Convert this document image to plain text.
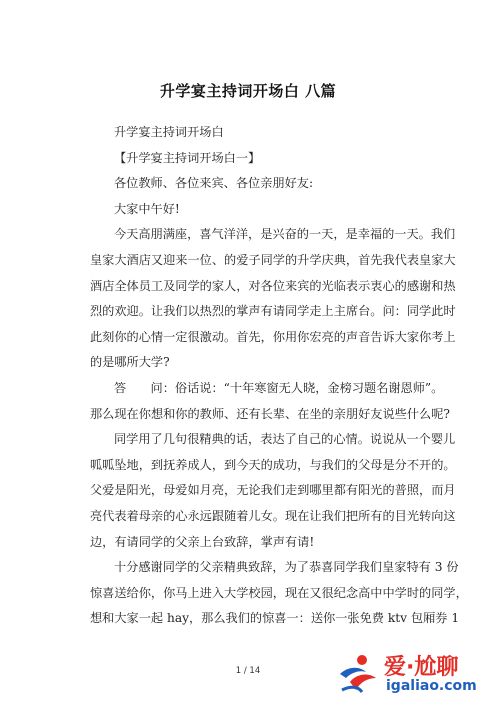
升学宴主持词开场白 八篇
升学宴主持词开场白
【升学宴主持词开场白一】
各位教师、各位来宾、各位亲朋好友:
大家中午好!
今天高朋满座，喜气洋洋，是兴奋的一天，是幸福的一天。我们
皇家大酒店又迎来一位、的爱子同学的升学庆典，首先我代表皇家大
酒店全体员工及同学的家人，对各位来宾的光临表示衷心的感谢和热
烈的欢迎。让我们以热烈的掌声有请同学走上主席台。问：同学此时
此刻你的心情一定很激动。首先，你用你宏亮的声音告诉大家你考上
的是哪所大学?
答　　问：俗话说：“十年寒窗无人晓，金榜习题名谢恩师”。
那么现在你想和你的教师、还有长辈、在坐的亲朋好友说些什么呢?
同学用了几句很精典的话，表达了自己的心情。说说从一个婴儿
呱呱坠地，到抚养成人，到今天的成功，与我们的父母是分不开的。
父爱是阳光，母爱如月亮，无论我们走到哪里都有阳光的普照，而月
亮代表着母亲的心永远跟随着儿女。现在让我们把所有的目光转向这
边，有请同学的父亲上台致辞，掌声有请!
十分感谢同学的父亲精典致辞，为了恭喜同学我们皇家特有 3 份
惊喜送给你，你马上进入大学校园，现在又很纪念高中中学时的同学，
想和大家一起 hay，那么我们的惊喜一：送你一张免费 ktv 包厢券 1
1 / 14	爱·尬聊
igaliao.com
